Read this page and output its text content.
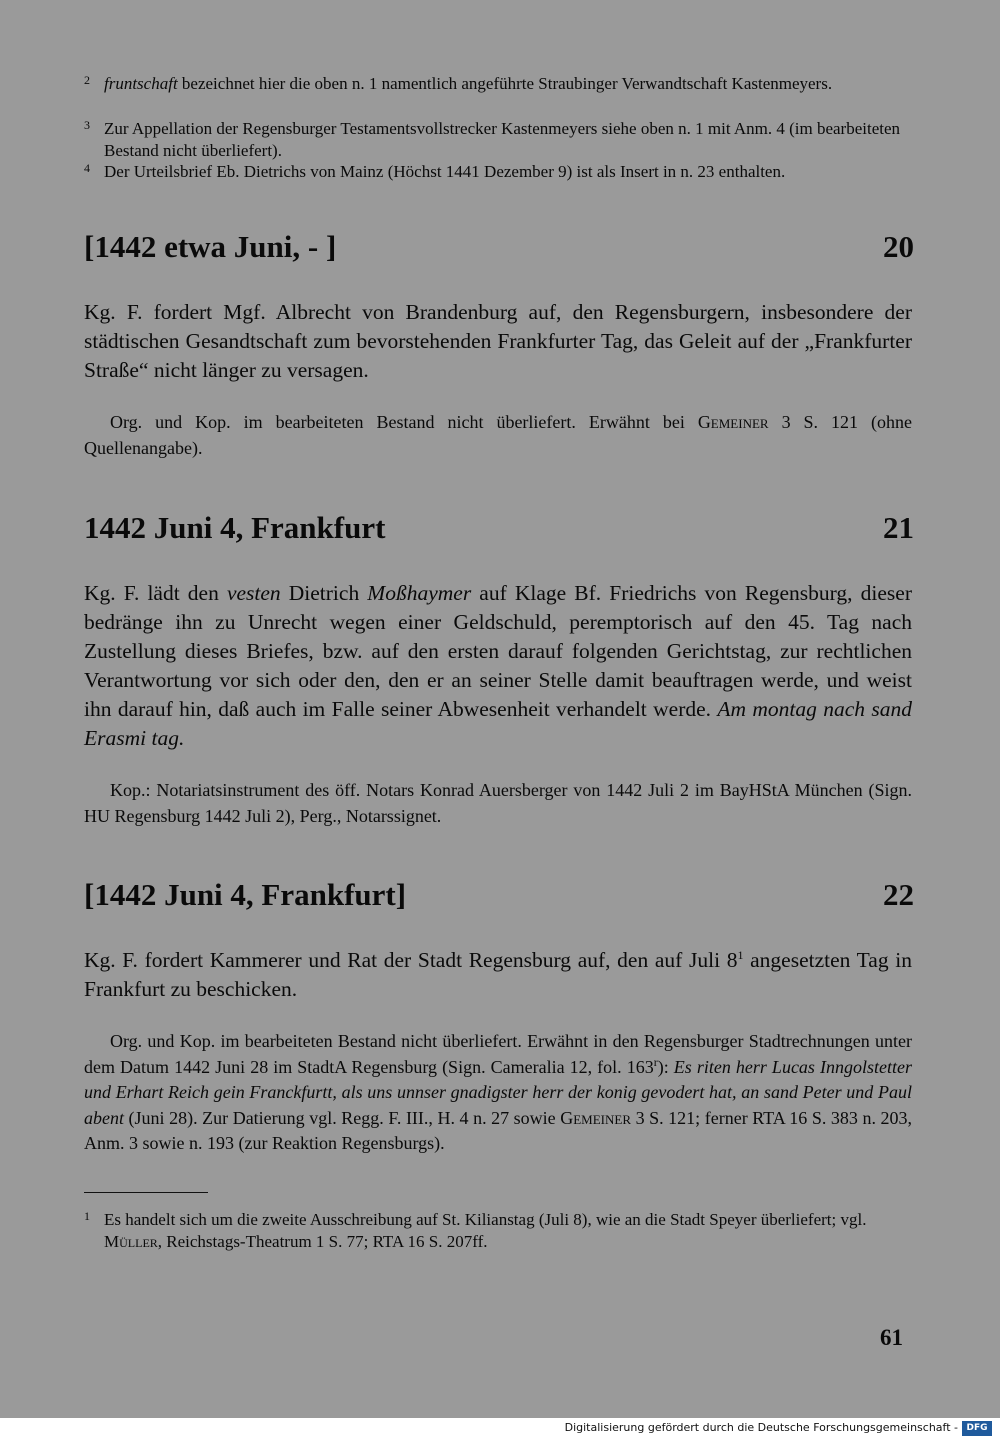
2 fruntschaft bezeichnet hier die oben n. 1 namentlich angeführte Straubinger Verwandtschaft Kastenmeyers.
3 Zur Appellation der Regensburger Testamentsvollstrecker Kastenmeyers siehe oben n. 1 mit Anm. 4 (im bearbeiteten Bestand nicht überliefert).
4 Der Urteilsbrief Eb. Dietrichs von Mainz (Höchst 1441 Dezember 9) ist als Insert in n. 23 enthalten.
[1442 etwa Juni, - ]	20
Kg. F. fordert Mgf. Albrecht von Brandenburg auf, den Regensburgern, insbesondere der städtischen Gesandtschaft zum bevorstehenden Frankfurter Tag, das Geleit auf der „Frankfurter Straße“ nicht länger zu versagen.
Org. und Kop. im bearbeiteten Bestand nicht überliefert. Erwähnt bei Gemeiner 3 S. 121 (ohne Quellenangabe).
1442 Juni 4, Frankfurt	21
Kg. F. lädt den vesten Dietrich Moßhaymer auf Klage Bf. Friedrichs von Regensburg, dieser bedränge ihn zu Unrecht wegen einer Geldschuld, peremptorisch auf den 45. Tag nach Zustellung dieses Briefes, bzw. auf den ersten darauf folgenden Gerichtstag, zur rechtlichen Verantwortung vor sich oder den, den er an seiner Stelle damit beauftragen werde, und weist ihn darauf hin, daß auch im Falle seiner Abwesenheit verhandelt werde. Am montag nach sand Erasmi tag.
Kop.: Notariatsinstrument des öff. Notars Konrad Auersberger von 1442 Juli 2 im BayHStA München (Sign. HU Regensburg 1442 Juli 2), Perg., Notarssignet.
[1442 Juni 4, Frankfurt]	22
Kg. F. fordert Kammerer und Rat der Stadt Regensburg auf, den auf Juli $8^1$ angesetzten Tag in Frankfurt zu beschicken.
Org. und Kop. im bearbeiteten Bestand nicht überliefert. Erwähnt in den Regensburger Stadtrechnungen unter dem Datum 1442 Juni 28 im StadtA Regensburg (Sign. Cameralia 12, fol. 163$^r$): Es riten herr Lucas Inngolstetter und Erhart Reich gein Franckfurtt, als uns unnser gnadigster herr der konig gevodert hat, an sand Peter und Paul abent (Juni 28). Zur Datierung vgl. Regg. F. III., H. 4 n. 27 sowie Gemeiner 3 S. 121; ferner RTA 16 S. 383 n. 203, Anm. 3 sowie n. 193 (zur Reaktion Regensburgs).
1 Es handelt sich um die zweite Ausschreibung auf St. Kilianstag (Juli 8), wie an die Stadt Speyer überliefert; vgl. Müller, Reichstags-Theatrum 1 S. 77; RTA 16 S. 207ff.
61
Digitalisierung gefördert durch die Deutsche Forschungsgemeinschaft - DFG
